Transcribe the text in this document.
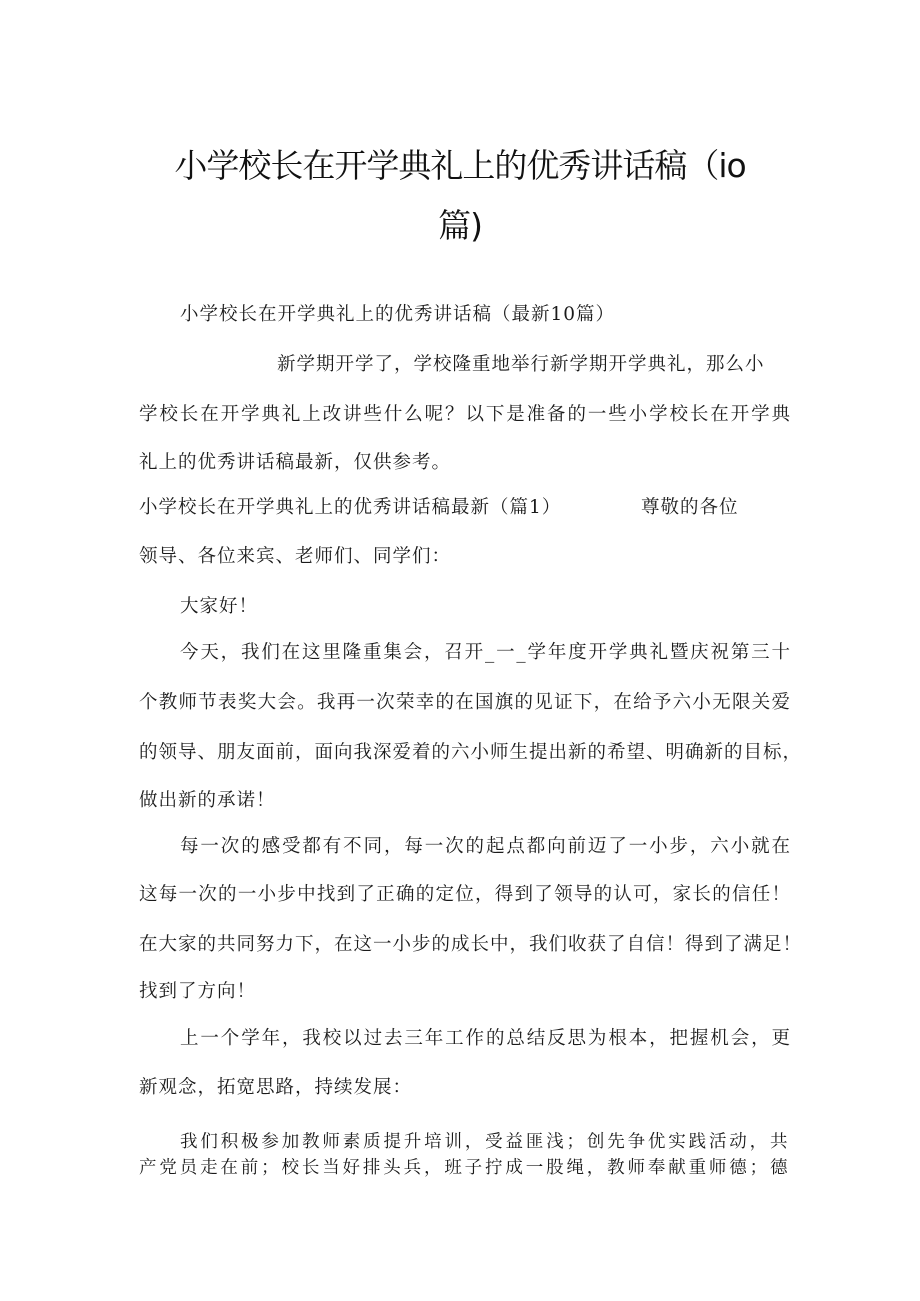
小学校长在开学典礼上的优秀讲话稿（io
篇)
小学校长在开学典礼上的优秀讲话稿（最新10篇）
新学期开学了，学校隆重地举行新学期开学典礼，那么小
学校长在开学典礼上改讲些什么呢？以下是准备的一些小学校长在开学典
礼上的优秀讲话稿最新，仅供参考。
小学校长在开学典礼上的优秀讲话稿最新（篇1）	尊敬的各位
领导、各位来宾、老师们、同学们：
大家好！
今天，我们在这里隆重集会，召开_一_学年度开学典礼暨庆祝第三十
个教师节表奖大会。我再一次荣幸的在国旗的见证下，在给予六小无限关爱
的领导、朋友面前，面向我深爱着的六小师生提出新的希望、明确新的目标，
做出新的承诺！
每一次的感受都有不同，每一次的起点都向前迈了一小步，六小就在
这每一次的一小步中找到了正确的定位，得到了领导的认可，家长的信任！
在大家的共同努力下，在这一小步的成长中，我们收获了自信！得到了满足！
找到了方向！
上一个学年，我校以过去三年工作的总结反思为根本，把握机会，更
新观念，拓宽思路，持续发展：
我们积极参加教师素质提升培训，受益匪浅；创先争优实践活动，共
产党员走在前；校长当好排头兵，班子拧成一股绳，教师奉献重师德；德
